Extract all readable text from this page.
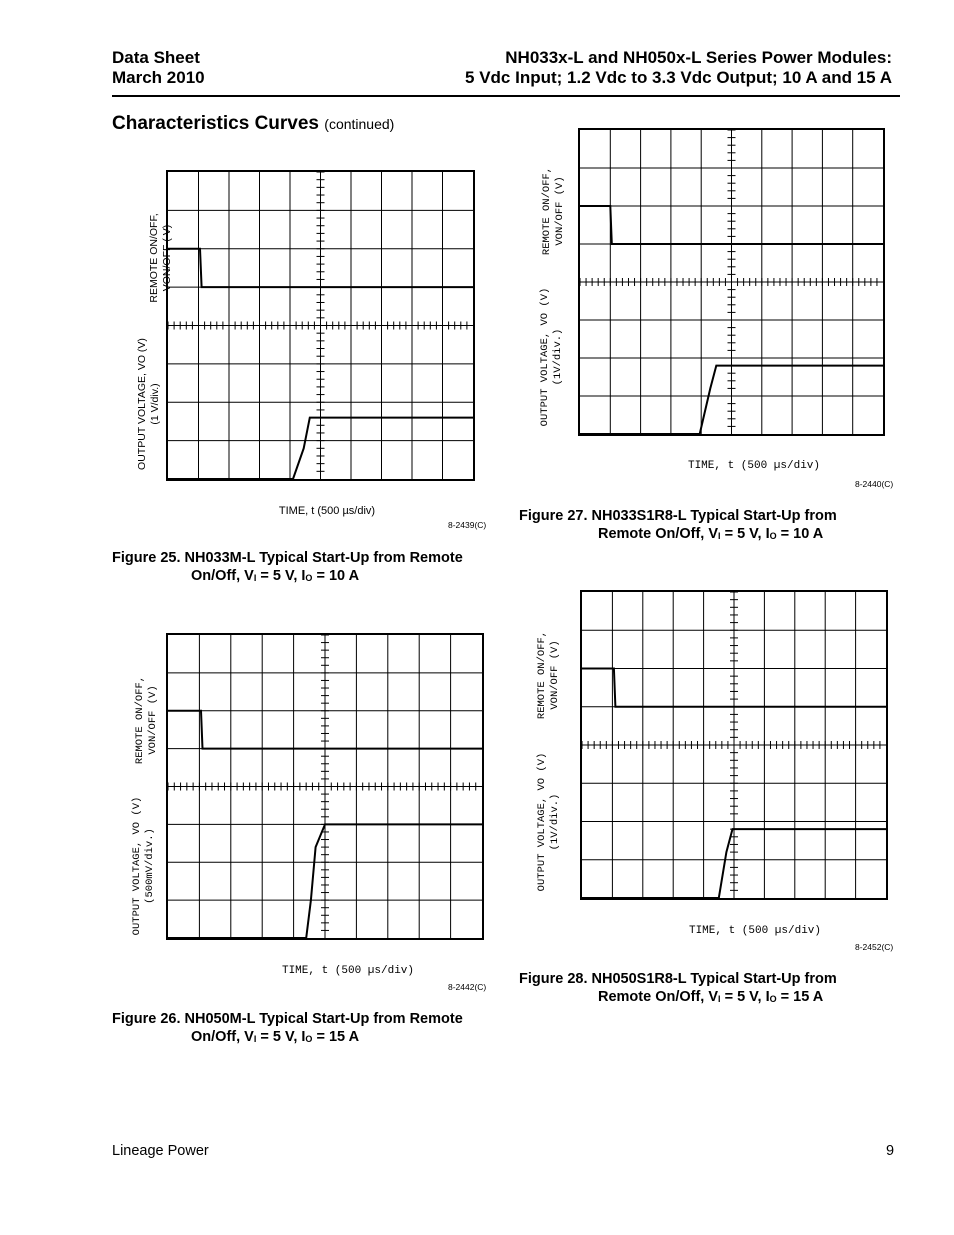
Data Sheet
March 2010
NH033x-L and NH050x-L Series Power Modules:
5 Vdc Input; 1.2 Vdc to 3.3 Vdc Output; 10 A and 15 A
Characteristics Curves (continued)
REMOTE ON/OFF, VON/OFF ( V)
OUTPUT VOLTAGE, VO (V) (1 V/div.)
TIME, t (500 µs/div)
8-2439(C)
Figure 25. NH033M-L Typical Start-Up from Remote
On/Off, $V_I = 5$ V, $I_O = 10$ A
REMOTE ON/OFF, VON/OFF (V)
OUTPUT VOLTAGE, VO (V) (500mV/div.)
TIME, t (500 µs/div)
8-2442(C)
Figure 26. NH050M-L Typical Start-Up from Remote
On/Off, $V_I = 5$ V, $I_O = 15$ A
REMOTE ON/OFF, VON/OFF (V)
OUTPUT VOLTAGE, VO (V) (1V/div.)
TIME, t (500 µs/div)
8-2440(C)
Figure 27. NH033S1R8-L Typical Start-Up from
Remote On/Off, $V_I = 5$ V, $I_O = 10$ A
REMOTE ON/OFF, VON/OFF (V)
OUTPUT VOLTAGE, VO (V) (1V/div.)
TIME, t (500 µs/div)
8-2452(C)
Figure 28. NH050S1R8-L Typical Start-Up from
Remote On/Off, $V_I = 5$ V, $I_O = 15$ A
Lineage Power	9
